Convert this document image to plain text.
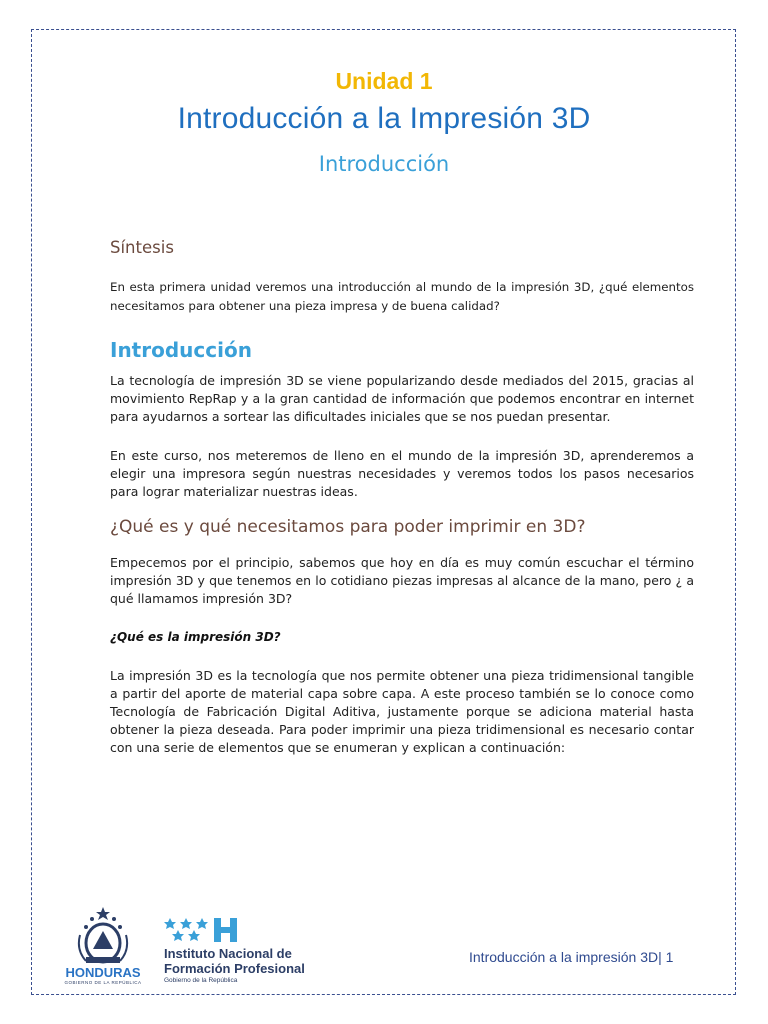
Unidad 1
Introducción a la Impresión 3D
Introducción
Síntesis
En esta primera unidad veremos una introducción al mundo de la impresión 3D, ¿qué elementos necesitamos para obtener una pieza impresa y de buena calidad?
Introducción
La tecnología de impresión 3D se viene popularizando desde mediados del 2015, gracias al movimiento RepRap y a la gran cantidad de información que podemos encontrar en internet para ayudarnos a sortear las dificultades iniciales que se nos puedan presentar.
En este curso, nos meteremos de lleno en el mundo de la impresión 3D, aprenderemos a elegir una impresora según nuestras necesidades y veremos todos los pasos necesarios para lograr materializar nuestras ideas.
¿Qué es y qué necesitamos para poder imprimir en 3D?
Empecemos por el principio, sabemos que hoy en día es muy común escuchar el término impresión 3D y que tenemos en lo cotidiano piezas impresas al alcance de la mano, pero ¿ a qué llamamos impresión 3D?
¿Qué es la impresión 3D?
La impresión 3D es la tecnología que nos permite obtener una pieza tridimensional tangible a partir del aporte de material capa sobre capa. A este proceso también se lo conoce como Tecnología de Fabricación Digital Aditiva, justamente porque se adiciona material hasta obtener la pieza deseada. Para poder imprimir una pieza tridimensional es necesario contar con una serie de elementos que se enumeran y explican a continuación:
HONDURAS
GOBIERNO DE LA REPÚBLICA
Instituto Nacional de
Formación Profesional
Gobierno de la República
Introducción a la impresión 3D| 1
